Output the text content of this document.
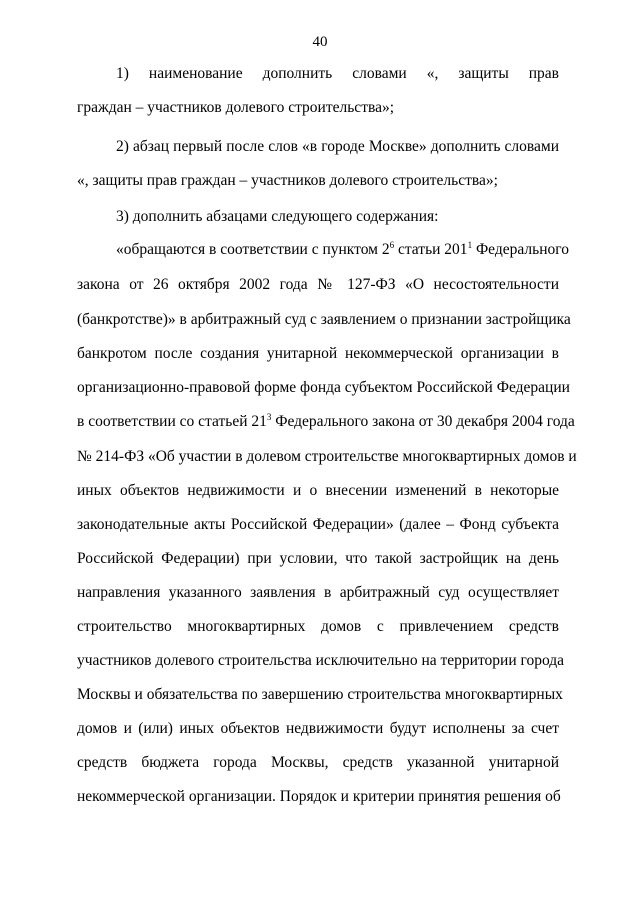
40
1) наименование дополнить словами «, защиты прав
граждан – участников долевого строительства»;
2) абзац первый после слов «в городе Москве» дополнить словами
«, защиты прав граждан – участников долевого строительства»;
3) дополнить абзацами следующего содержания:
«обращаются в соответствии с пунктом $2^6$ статьи $201^1$ Федерального
закона от 26 октября 2002 года № 127-ФЗ «О несостоятельности
(банкротстве)» в арбитражный суд с заявлением о признании застройщика
банкротом после создания унитарной некоммерческой организации в
организационно-правовой форме фонда субъектом Российской Федерации
в соответствии со статьей $21^3$ Федерального закона от 30 декабря 2004 года
№ 214-ФЗ «Об участии в долевом строительстве многоквартирных домов и
иных объектов недвижимости и о внесении изменений в некоторые
законодательные акты Российской Федерации» (далее – Фонд субъекта
Российской Федерации) при условии, что такой застройщик на день
направления указанного заявления в арбитражный суд осуществляет
строительство многоквартирных домов с привлечением средств
участников долевого строительства исключительно на территории города
Москвы и обязательства по завершению строительства многоквартирных
домов и (или) иных объектов недвижимости будут исполнены за счет
средств бюджета города Москвы, средств указанной унитарной
некоммерческой организации. Порядок и критерии принятия решения об
